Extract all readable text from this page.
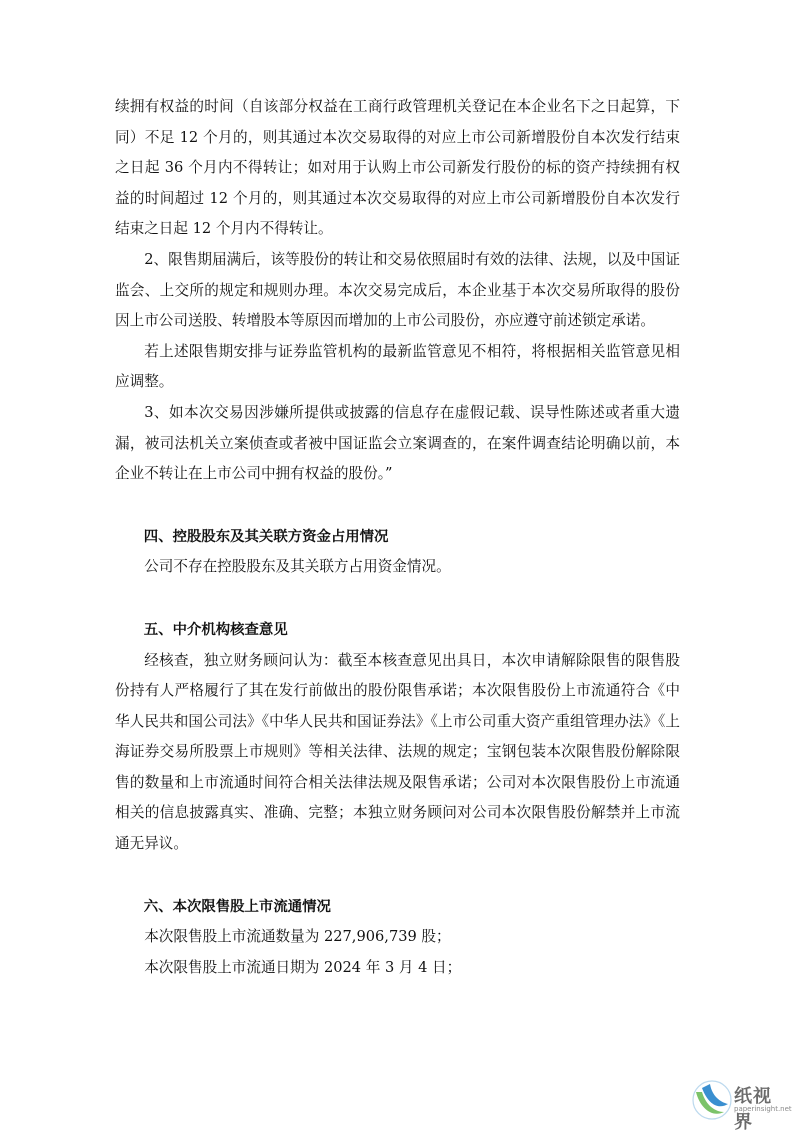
续拥有权益的时间（自该部分权益在工商行政管理机关登记在本企业名下之日起算，下同）不足 12 个月的，则其通过本次交易取得的对应上市公司新增股份自本次发行结束之日起 36 个月内不得转让；如对用于认购上市公司新发行股份的标的资产持续拥有权益的时间超过 12 个月的，则其通过本次交易取得的对应上市公司新增股份自本次发行结束之日起 12 个月内不得转让。

2、限售期届满后，该等股份的转让和交易依照届时有效的法律、法规，以及中国证监会、上交所的规定和规则办理。本次交易完成后，本企业基于本次交易所取得的股份因上市公司送股、转增股本等原因而增加的上市公司股份，亦应遵守前述锁定承诺。

若上述限售期安排与证券监管机构的最新监管意见不相符，将根据相关监管意见相应调整。

3、如本次交易因涉嫌所提供或披露的信息存在虚假记载、误导性陈述或者重大遗漏，被司法机关立案侦查或者被中国证监会立案调查的，在案件调查结论明确以前，本企业不转让在上市公司中拥有权益的股份。”

四、控股股东及其关联方资金占用情况

公司不存在控股股东及其关联方占用资金情况。

五、中介机构核查意见

经核查，独立财务顾问认为：截至本核查意见出具日，本次申请解除限售的限售股份持有人严格履行了其在发行前做出的股份限售承诺；本次限售股份上市流通符合《中华人民共和国公司法》《中华人民共和国证券法》《上市公司重大资产重组管理办法》《上海证券交易所股票上市规则》等相关法律、法规的规定；宝钢包装本次限售股份解除限售的数量和上市流通时间符合相关法律法规及限售承诺；公司对本次限售股份上市流通相关的信息披露真实、准确、完整；本独立财务顾问对公司本次限售股份解禁并上市流通无异议。

六、本次限售股上市流通情况

本次限售股上市流通数量为 227,906,739 股；

本次限售股上市流通日期为 2024 年 3 月 4 日；

纸视界
paperinsight.net
